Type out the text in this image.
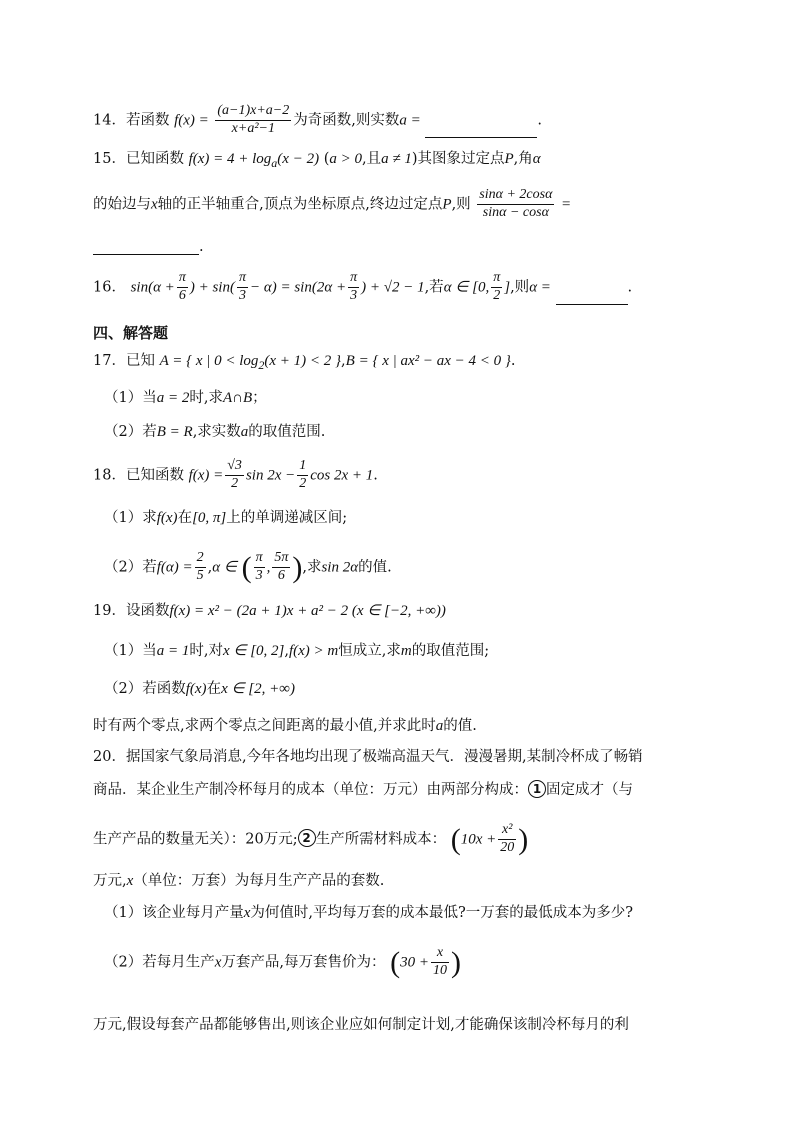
14．若函数 $f(x) = \frac{(a-1)x+a-2}{\text{x+a²−1}}$ 为奇函数,则实数a =	.
15．已知函数 $f(x) = 4 + \log_a(x - 2) (a > 0$,且a ≠ 1)其图象过定点P,角α
的始边与x轴的正半轴重合,顶点为坐标原点,终边过定点P,则 $\frac{\sin\alpha + 2\cos\alpha}{\sin\alpha - \cos\alpha}$ =
.
16． $\sin(\alpha + \frac{\pi}{6}$ ) + $\sin( \frac{\pi}{3} - \alpha) = \sin(2\alpha + \frac{\pi}{3}$ ) + √2 − 1,若α ∈ [0, $\frac{\pi}{2}$ ],则α =	.
四、解答题
17．已知 A = { x | $0 < \log_2(x + 1) < 2$ },B = { x | ax² − ax − 4 < 0 }.
（1）当a = 2时,求A∩B；
（2）若B = R,求实数a的取值范围.
18．已知函数 $f(x) = \frac{√3}{2}$ $\sin 2x - \frac{1}{2}$ cos 2x + 1.
（1）求f(x)在[0, π]上的单调递减区间;
（2）若$f(\alpha) = \frac{2}{5} ,\alpha$ ∈ ( $\frac{\pi}{3}$ , $\frac{5\pi}{6}$ ),求sin 2α的值.
19．设函数f(x) = x² − (2a + 1)x + a² − 2 (x ∈ [−2, +∞))
（1）当a = 1时,对x ∈ [0, 2],f(x) > m恒成立,求m的取值范围;
（2）若函数f(x)在x ∈ [2, +∞)
时有两个零点,求两个零点之间距离的最小值,并求此时a的值.
20．据国家气象局消息,今年各地均出现了极端高温天气．漫漫暑期,某制冷杯成了畅销
商品．某企业生产制冷杯每月的成本（单位：万元）由两部分构成： 1 固定成才（与
生产产品的数量无关）：20万元; 2 生产所需材料成本： ($10x + \frac{\text{x²}}{20}$ )
万元,x（单位：万套）为每月生产产品的套数.
（1）该企业每月产量x为何值时,平均每万套的成本最低?一万套的最低成本为多少?
（2）若每月生产x万套产品,每万套售价为： ($30 + \frac{x}{10}$ )
万元,假设每套产品都能够售出,则该企业应如何制定计划,才能确保该制冷杯每月的利
